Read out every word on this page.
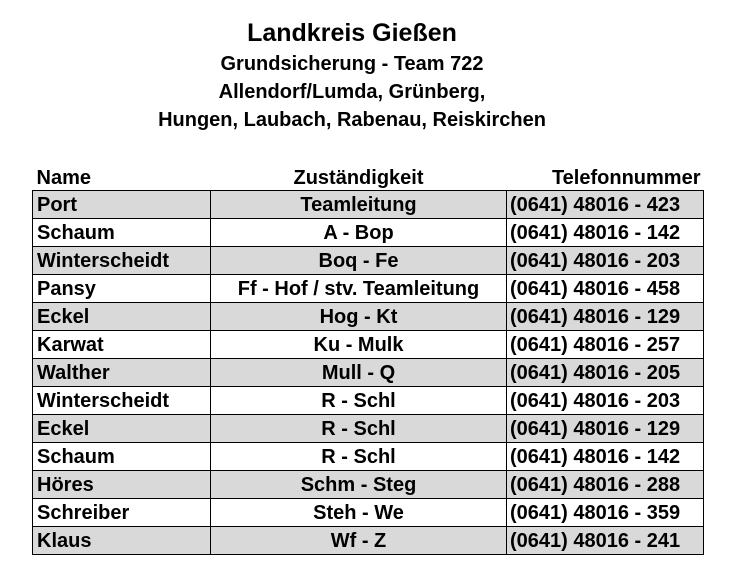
Landkreis Gießen
Grundsicherung - Team 722
Allendorf/Lumda, Grünberg,
Hungen, Laubach, Rabenau, Reiskirchen
Name	Zuständigkeit	Telefonnummer
Port	Teamleitung	(0641) 48016 - 423
Schaum	A - Bop	(0641) 48016 - 142
Winterscheidt	Boq - Fe	(0641) 48016 - 203
Pansy	Ff - Hof / stv. Teamleitung	(0641) 48016 - 458
Eckel	Hog - Kt	(0641) 48016 - 129
Karwat	Ku - Mulk	(0641) 48016 - 257
Walther	Mull - Q	(0641) 48016 - 205
Winterscheidt	R - Schl	(0641) 48016 - 203
Eckel	R - Schl	(0641) 48016 - 129
Schaum	R - Schl	(0641) 48016 - 142
Höres	Schm - Steg	(0641) 48016 - 288
Schreiber	Steh - We	(0641) 48016 - 359
Klaus	Wf - Z	(0641) 48016 - 241
